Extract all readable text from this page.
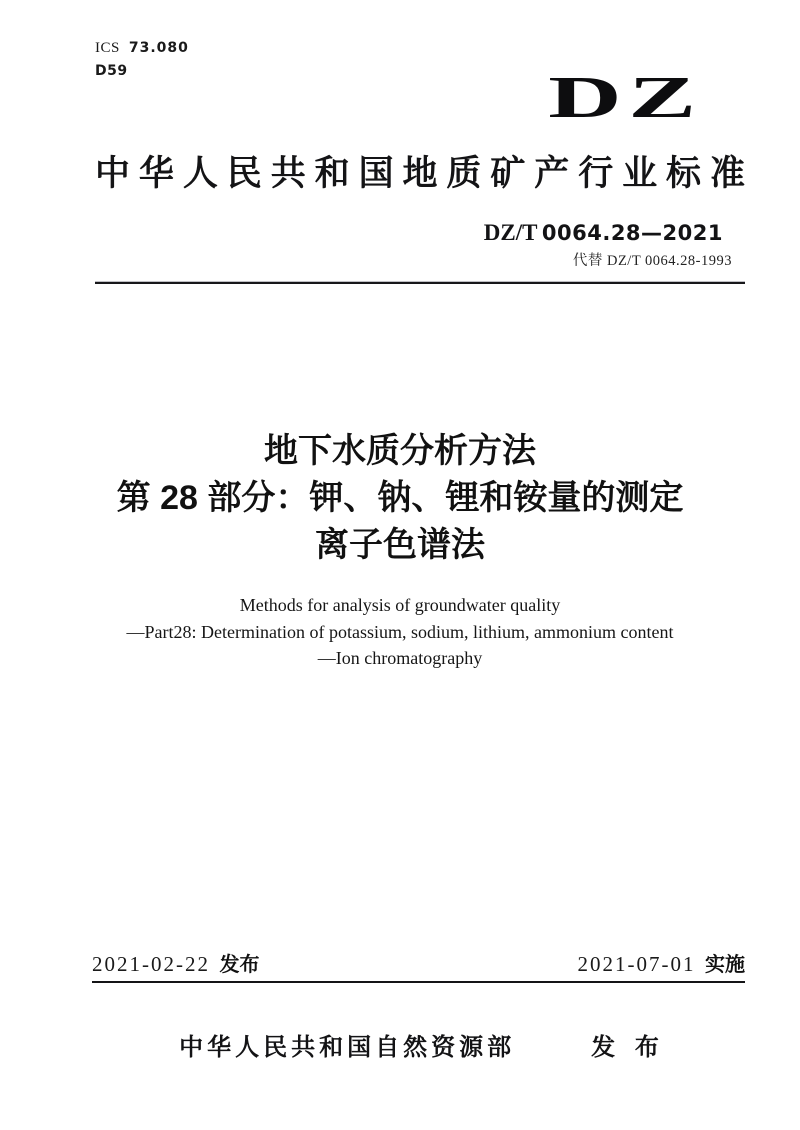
ICS 73.080
D59	DZ
中华人民共和国地质矿产行业标准
DZ/T 0064.28—2021
代替 DZ/T 0064.28-1993
地下水质分析方法
第 28 部分：钾、钠、锂和铵量的测定
离子色谱法
Methods for analysis of groundwater quality
—Part28: Determination of potassium, sodium, lithium, ammonium content
—Ion chromatography
2021-02-22 发布	2021-07-01 实施
中华人民共和国自然资源部	发 布
